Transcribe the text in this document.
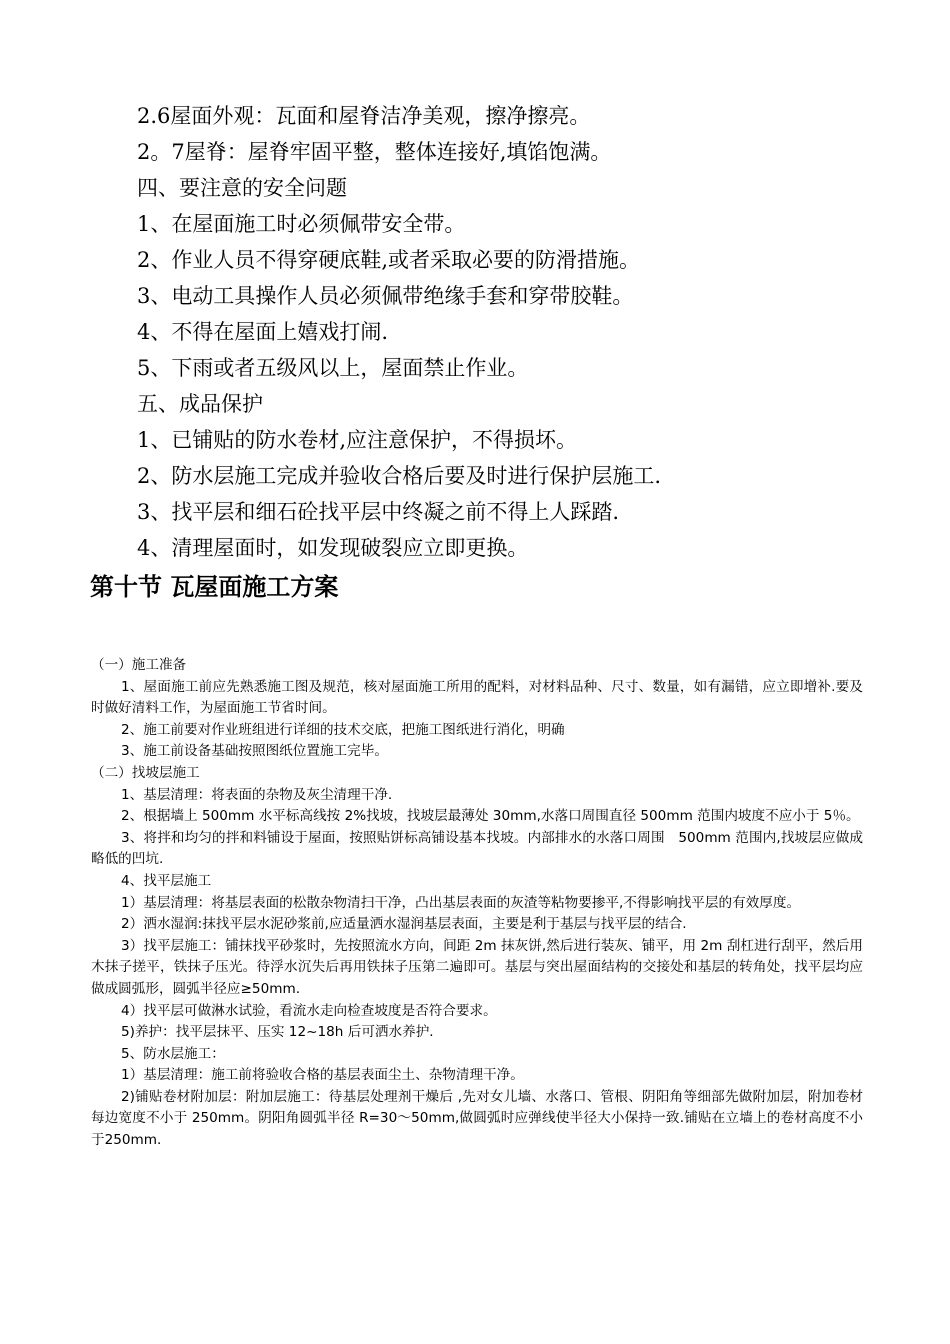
2.6屋面外观：瓦面和屋脊洁净美观，擦净擦亮。
2。7屋脊：屋脊牢固平整，整体连接好,填馅饱满。
四、要注意的安全问题
1、在屋面施工时必须佩带安全带。
2、作业人员不得穿硬底鞋,或者采取必要的防滑措施。
3、电动工具操作人员必须佩带绝缘手套和穿带胶鞋。
4、不得在屋面上嬉戏打闹.
5、下雨或者五级风以上，屋面禁止作业。
五、成品保护
1、已铺贴的防水卷材,应注意保护，不得损坏。
2、防水层施工完成并验收合格后要及时进行保护层施工.
3、找平层和细石砼找平层中终凝之前不得上人踩踏.
4、清理屋面时，如发现破裂应立即更换。
第十节 瓦屋面施工方案
（一）施工准备
1、屋面施工前应先熟悉施工图及规范，核对屋面施工所用的配料，对材料品种、尺寸、数量，如有漏错，应立即增补.要及时做好清料工作，为屋面施工节省时间。
2、施工前要对作业班组进行详细的技术交底，把施工图纸进行消化，明确
3、施工前设备基础按照图纸位置施工完毕。
（二）找坡层施工
1、基层清理：将表面的杂物及灰尘清理干净.
2、根据墙上 500mm 水平标高线按 2%找坡，找坡层最薄处 30mm,水落口周围直径 500mm 范围内坡度不应小于 5％。
3、将拌和均匀的拌和料铺设于屋面，按照贴饼标高铺设基本找坡。内部排水的水落口周围　500mm 范围内,找坡层应做成略低的凹坑.
4、找平层施工
1）基层清理：将基层表面的松散杂物清扫干净，凸出基层表面的灰渣等粘物要掺平,不得影响找平层的有效厚度。
2）洒水湿润:抹找平层水泥砂浆前,应适量洒水湿润基层表面，主要是利于基层与找平层的结合.
3）找平层施工：铺抹找平砂浆时，先按照流水方向，间距 2m 抹灰饼,然后进行装灰、铺平，用 2m 刮杠进行刮平，然后用木抹子搓平，铁抹子压光。待浮水沉失后再用铁抹子压第二遍即可。基层与突出屋面结构的交接处和基层的转角处，找平层均应做成圆弧形，圆弧半径应≥50mm.
4）找平层可做淋水试验，看流水走向检查坡度是否符合要求。
5)养护：找平层抹平、压实 12~18h 后可洒水养护.
5、防水层施工：
1）基层清理：施工前将验收合格的基层表面尘土、杂物清理干净。
2)铺贴卷材附加层：附加层施工：待基层处理剂干燥后 ,先对女儿墙、水落口、管根、阴阳角等细部先做附加层，附加卷材每边宽度不小于 250mm。阴阳角圆弧半径 R=30～50mm,做圆弧时应弹线使半径大小保持一致.铺贴在立墙上的卷材高度不小于250mm.
